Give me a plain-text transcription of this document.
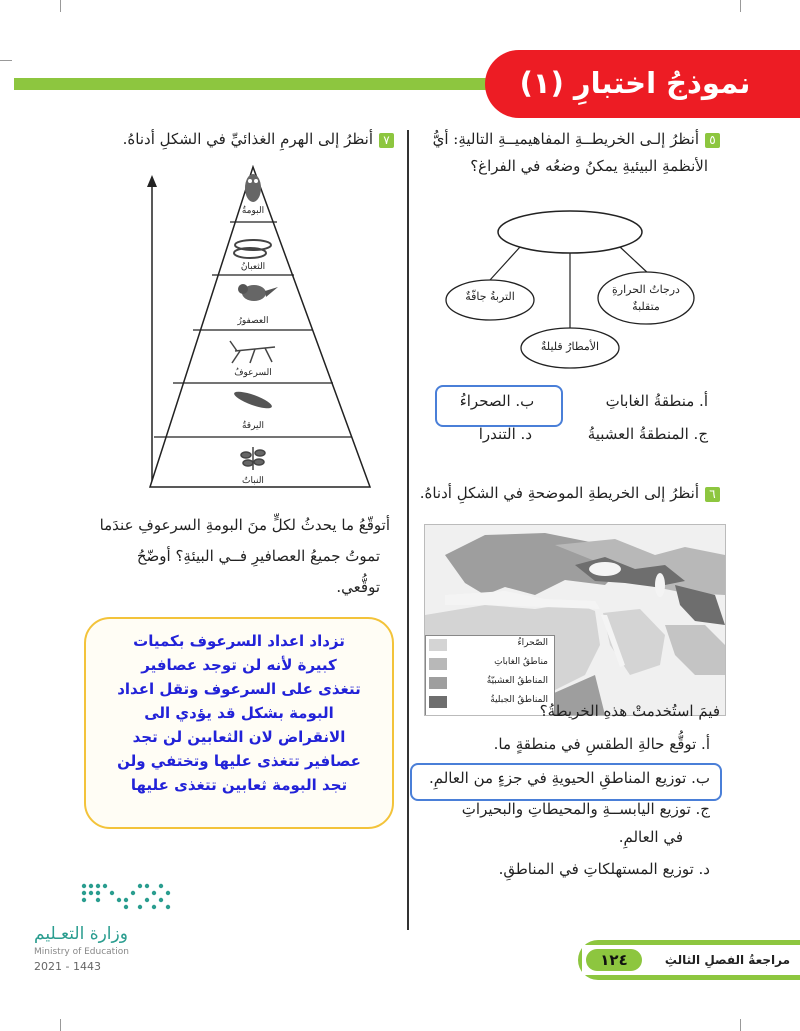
نموذجُ اختبارِ (١)
٥أنظرُ إلـى الخريطــةِ المفاهيميــةِ التاليةِ: أيُّ
الأنظمةِ البيئيةِ يمكنُ وضعُه في الفراغ؟
التربةُ جافّةٌ
درجاتُ الحرارةِ
متقلبةٌ
الأمطارُ قليلةٌ
أ. منطقةُ الغاباتِ
ب. الصحراءُ
ج. المنطقةُ العشبيةُ
د. التندرا
٦أنظرُ إلى الخريطةِ الموضحةِ في الشكلِ أدناهُ.
الصّحراءُ
مناطقُ الغاباتِ
المناطقُ العشبيّةُ
المناطقُ الجبليةُ
فيمَ استُخدمتْ هذهِ الخريطةُ؟
أ. توقُّع حالةِ الطقسِ في منطقةٍ ما.
ب. توزيع المناطقِ الحيويةِ في جزءٍ من العالمِ.
ج. توزيع اليابســةِ والمحيطاتِ والبحيراتِ
في العالمِ.
د. توزيع المستهلكاتِ في المناطقِ.
٧أنظرُ إلى الهرمِ الغذائيِّ في الشكلِ أدناهُ.
البومةُ
الثعبانُ
العصفورُ
السرعوفُ
اليرقةُ
النباتُ
أتوقّعُ ما يحدثُ لكلٍّ منَ البومةِ السرعوفِ عندَما
تموتُ جميعُ العصافيرِ فــي البيئةِ؟ أوضّحُ
توقُّعي.
تزداد اعداد السرعوف بكميات
كبيرة لأنه لن توجد عصافير
تتغذى على السرعوف وتقل اعداد
البومة بشكل قد يؤدي الى
الانقراض لان الثعابين لن تجد
عصافير تتغذى عليها وتختفي ولن
تجد البومة ثعابين تتغذى عليها
وزارة التعـليم
Ministry of Education
2021 - 1443	١٢٤	مراجعةُ الفصلِ الثالثِ
